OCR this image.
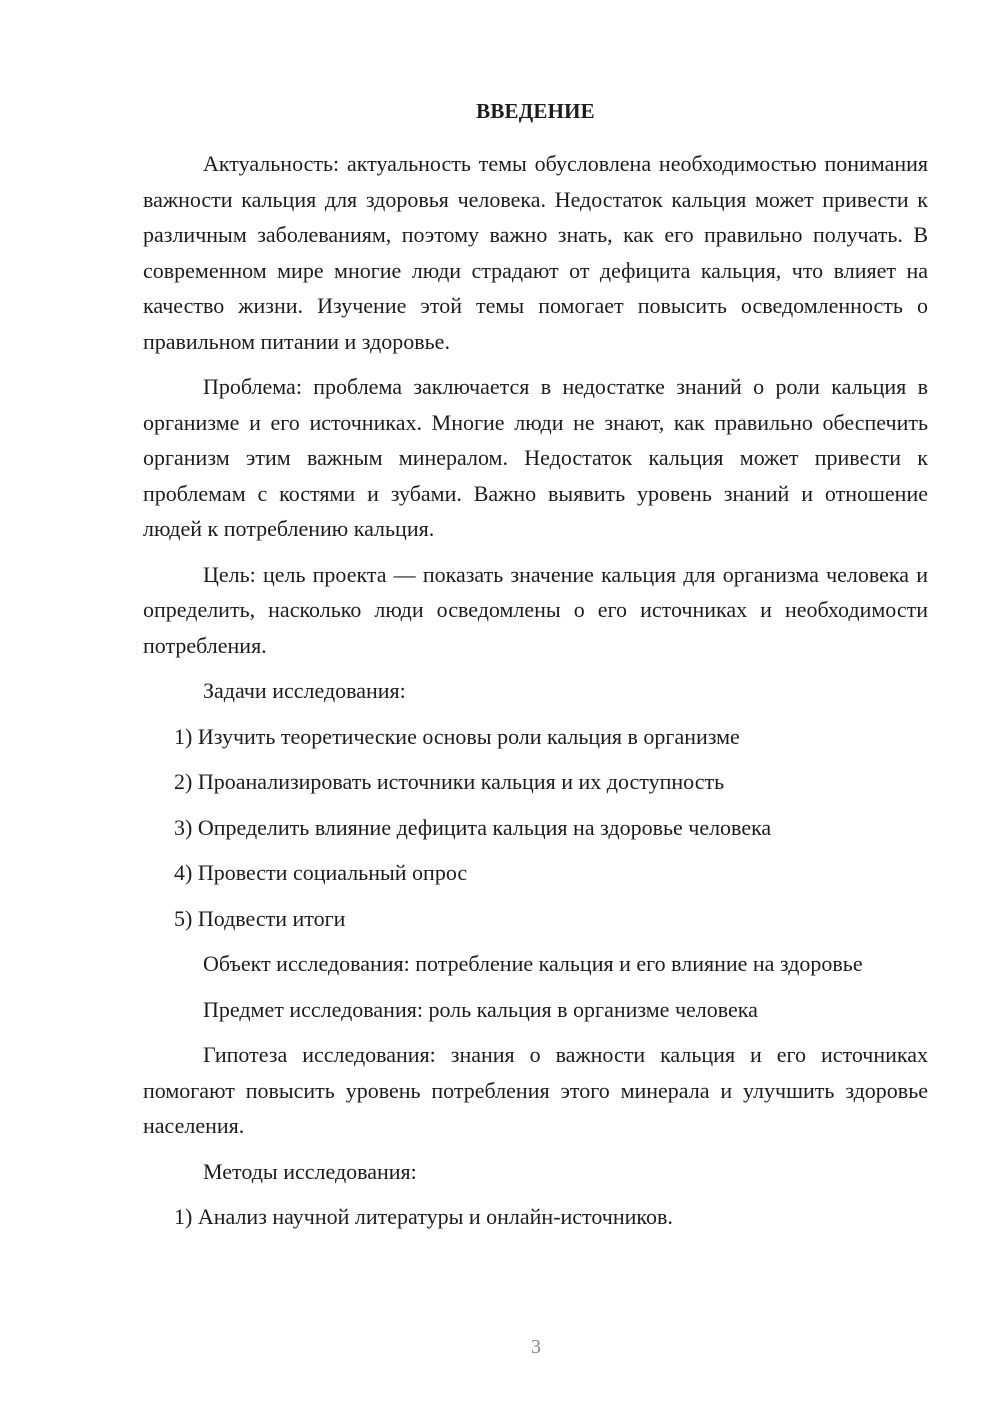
ВВЕДЕНИЕ

Актуальность: актуальность темы обусловлена необходимостью понимания важности кальция для здоровья человека. Недостаток кальция может привести к различным заболеваниям, поэтому важно знать, как его правильно получать. В современном мире многие люди страдают от дефицита кальция, что влияет на качество жизни. Изучение этой темы помогает повысить осведомленность о правильном питании и здоровье.

Проблема: проблема заключается в недостатке знаний о роли кальция в организме и его источниках. Многие люди не знают, как правильно обеспечить организм этим важным минералом. Недостаток кальция может привести к проблемам с костями и зубами. Важно выявить уровень знаний и отношение людей к потреблению кальция.

Цель: цель проекта — показать значение кальция для организма человека и определить, насколько люди осведомлены о его источниках и необходимости потребления.

Задачи исследования:

1) Изучить теоретические основы роли кальция в организме
2) Проанализировать источники кальция и их доступность
3) Определить влияние дефицита кальция на здоровье человека
4) Провести социальный опрос
5) Подвести итоги

Объект исследования: потребление кальция и его влияние на здоровье

Предмет исследования: роль кальция в организме человека

Гипотеза исследования: знания о важности кальция и его источниках помогают повысить уровень потребления этого минерала и улучшить здоровье населения.

Методы исследования:

1) Анализ научной литературы и онлайн-источников.
3
